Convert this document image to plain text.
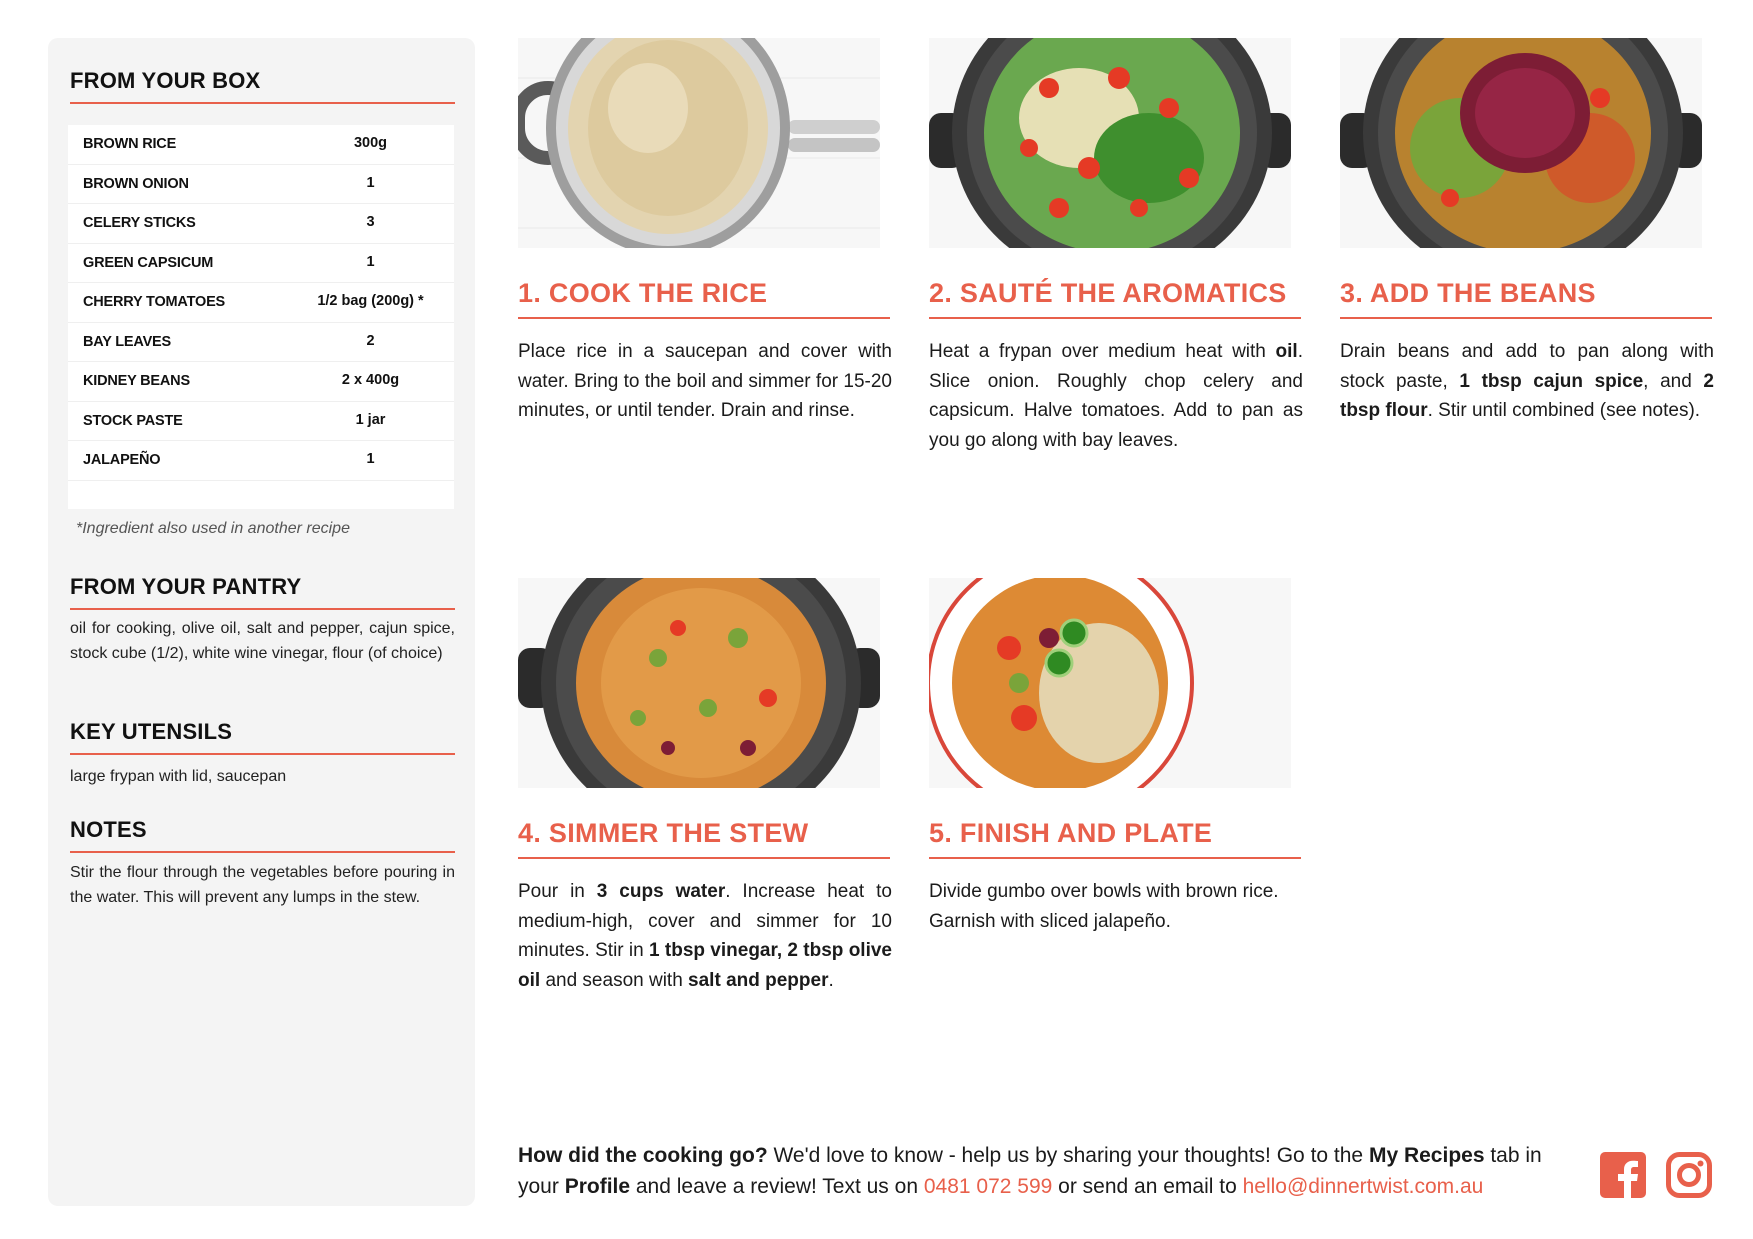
FROM YOUR BOX
BROWN RICE	300g
BROWN ONION	1
CELERY STICKS	3
GREEN CAPSICUM	1
CHERRY TOMATOES	1/2 bag (200g) *
BAY LEAVES	2
KIDNEY BEANS	2 x 400g
STOCK PASTE	1 jar
JALAPEÑO	1
*Ingredient also used in another recipe
FROM YOUR PANTRY
oil for cooking, olive oil, salt and pepper, cajun spice, stock cube (1/2), white wine vinegar, flour (of choice)
KEY UTENSILS
large frypan with lid, saucepan
NOTES
Stir the flour through the vegetables before pouring in the water. This will prevent any lumps in the stew.
1. COOK THE RICE	2. SAUTÉ THE AROMATICS	3. ADD THE BEANS
4. SIMMER THE STEW	5. FINISH AND PLATE
Place rice in a saucepan and cover with water. Bring to the boil and simmer for 15-20 minutes, or until tender. Drain and rinse.
Heat a frypan over medium heat with oil. Slice onion. Roughly chop celery and capsicum. Halve tomatoes. Add to pan as you go along with bay leaves.
Drain beans and add to pan along with stock paste, 1 tbsp cajun spice, and 2 tbsp flour. Stir until combined (see notes).
Pour in 3 cups water. Increase heat to medium-high, cover and simmer for 10 minutes. Stir in 1 tbsp vinegar, 2 tbsp olive oil and season with salt and pepper.
Divide gumbo over bowls with brown rice. Garnish with sliced jalapeño.
How did the cooking go? We'd love to know - help us by sharing your thoughts! Go to the My Recipes tab in your Profile and leave a review! Text us on 0481 072 599 or send an email to hello@dinnertwist.com.au
